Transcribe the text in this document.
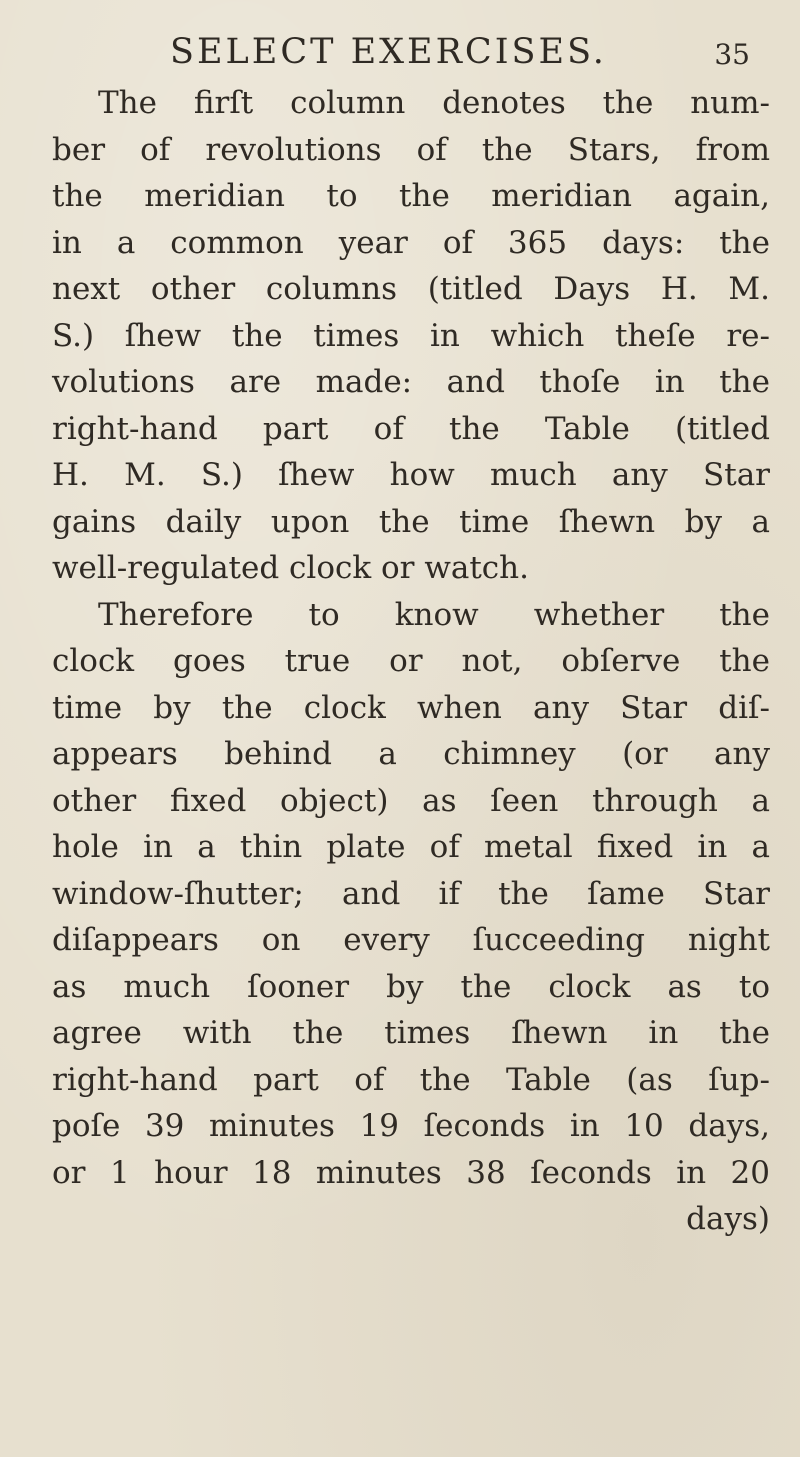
SELECT EXERCISES.	35
The firſt column denotes the num-
ber of revolutions of the Stars, from
the meridian to the meridian again,
in a common year of 365 days: the
next other columns (titled Days H. M.
S.) ſhew the times in which theſe re-
volutions are made: and thoſe in the
right-hand part of the Table (titled
H. M. S.) ſhew how much any Star
gains daily upon the time ſhewn by a
well-regulated clock or watch.
Therefore to know whether the
clock goes true or not, obſerve the
time by the clock when any Star diſ-
appears behind a chimney (or any
other fixed object) as ſeen through a
hole in a thin plate of metal fixed in a
window-ſhutter; and if the ſame Star
diſappears on every ſucceeding night
as much ſooner by the clock as to
agree with the times ſhewn in the
right-hand part of the Table (as ſup-
poſe 39 minutes 19 ſeconds in 10 days,
or 1 hour 18 minutes 38 ſeconds in 20
days)
